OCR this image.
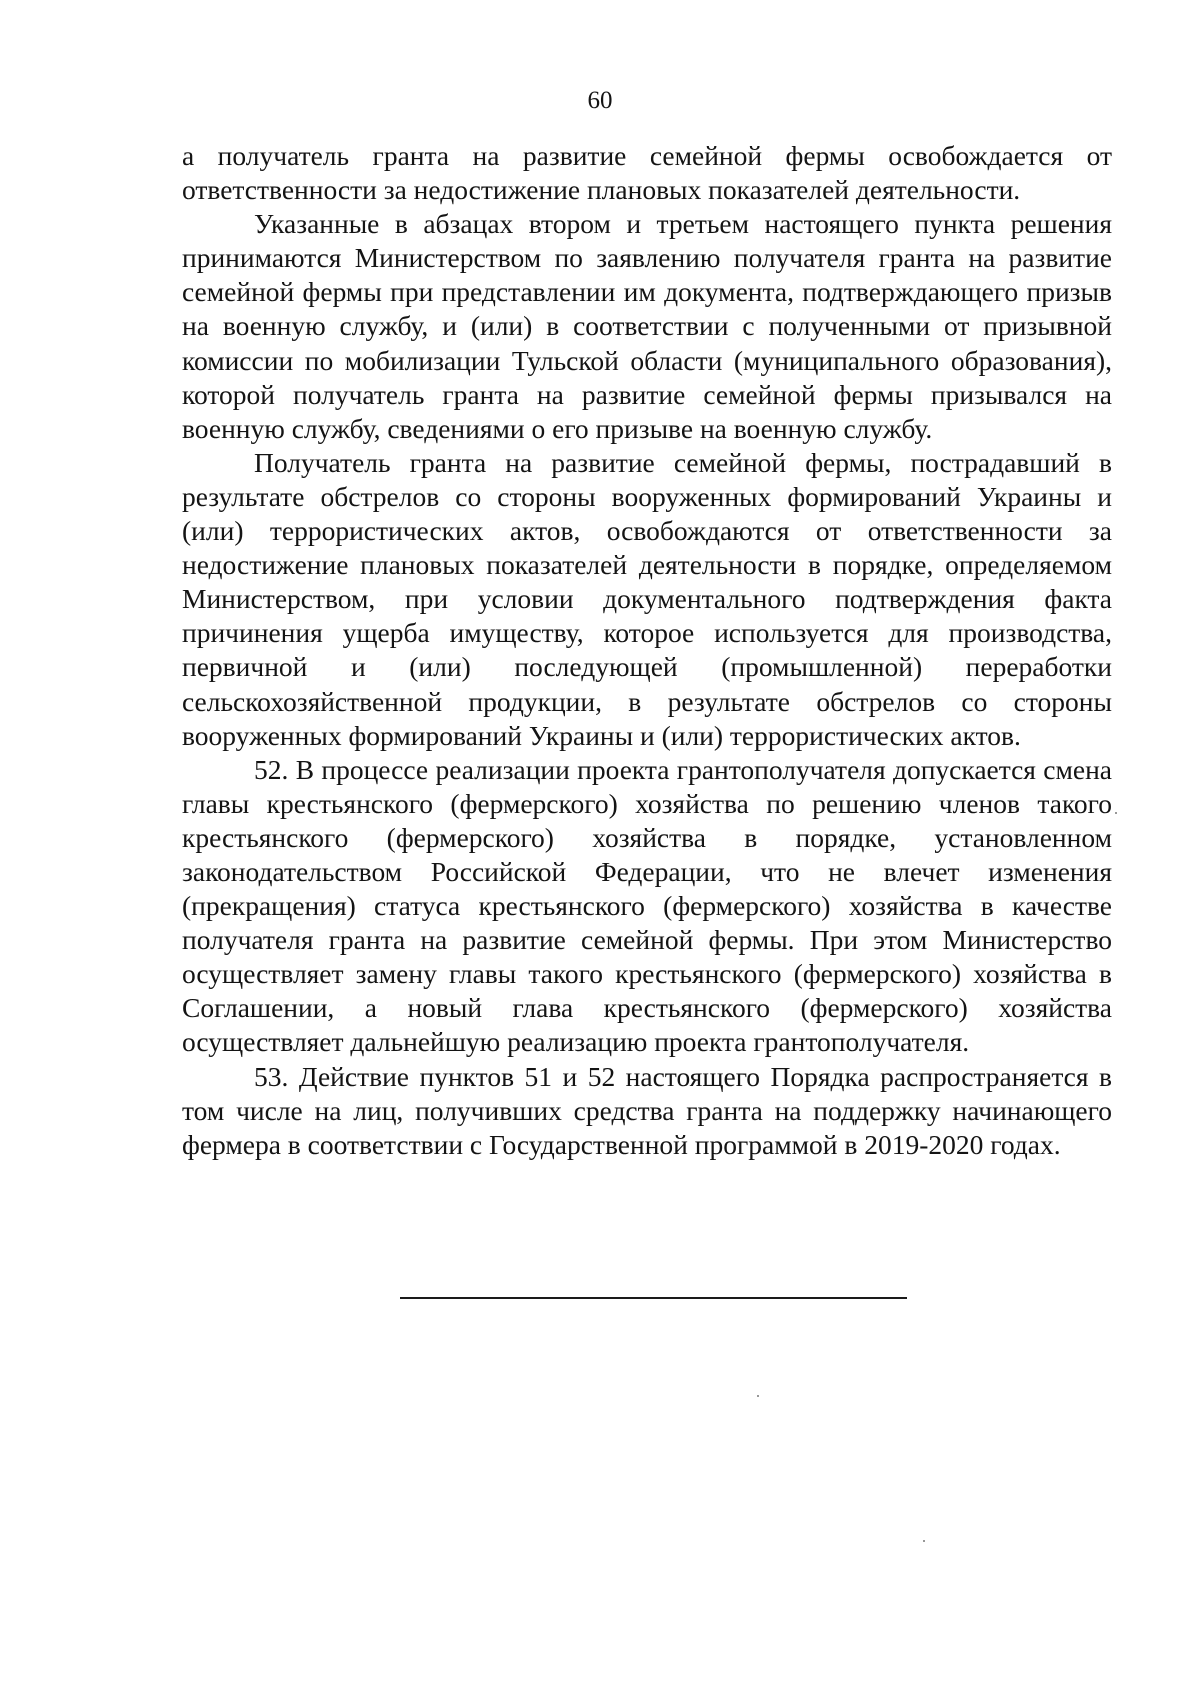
60

а получатель гранта на развитие семейной фермы освобождается от ответственности за недостижение плановых показателей деятельности.

Указанные в абзацах втором и третьем настоящего пункта решения принимаются Министерством по заявлению получателя гранта на развитие семейной фермы при представлении им документа, подтверждающего призыв на военную службу, и (или) в соответствии с полученными от призывной комиссии по мобилизации Тульской области (муниципального образования), которой получатель гранта на развитие семейной фермы призывался на военную службу, сведениями о его призыве на военную службу.

Получатель гранта на развитие семейной фермы, пострадавший в результате обстрелов со стороны вооруженных формирований Украины и (или) террористических актов, освобождаются от ответственности за недостижение плановых показателей деятельности в порядке, определяемом Министерством, при условии документального подтверждения факта причинения ущерба имуществу, которое используется для производства, первичной и (или) последующей (промышленной) переработки сельскохозяйственной продукции, в результате обстрелов со стороны вооруженных формирований Украины и (или) террористических актов.

52. В процессе реализации проекта грантополучателя допускается смена главы крестьянского (фермерского) хозяйства по решению членов такого крестьянского (фермерского) хозяйства в порядке, установленном законодательством Российской Федерации, что не влечет изменения (прекращения) статуса крестьянского (фермерского) хозяйства в качестве получателя гранта на развитие семейной фермы. При этом Министерство осуществляет замену главы такого крестьянского (фермерского) хозяйства в Соглашении, а новый глава крестьянского (фермерского) хозяйства осуществляет дальнейшую реализацию проекта грантополучателя.

53. Действие пунктов 51 и 52 настоящего Порядка распространяется в том числе на лиц, получивших средства гранта на поддержку начинающего фермера в соответствии с Государственной программой в 2019-2020 годах.
